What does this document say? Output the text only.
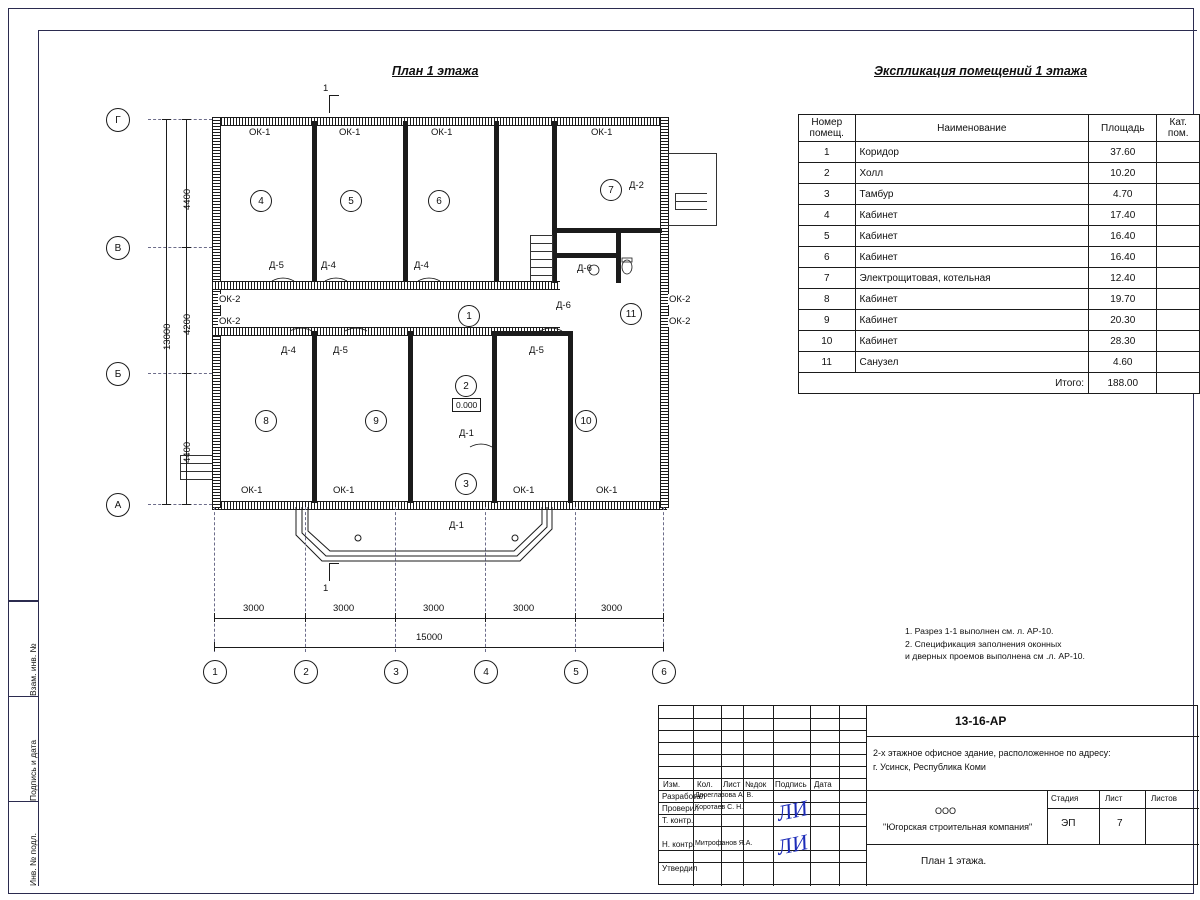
Взам. инв. №
Подпись и дата
Инв. № подл.
План 1 этажа	Экспликация помещений 1 этажа
ОК-1	ОК-1	ОК-1	ОК-1
ОК-2
ОК-2
ОК-2
ОК-2
ОК-1	ОК-1	ОК-1	ОК-1
Д-5	Д-4	Д-4
Д-2
Д-6
Д-6
Д-4	Д-5	Д-5
Д-1
Д-1
4	5	6
7
1	11
2
3
8	9	10
0.000
1
1
3000	3000	3000	3000	3000
15000
1	2	3	4	5	6
13000
4400
4200
4400
Г
В
Б
А
Номер
помещ.	Наименование	Площадь	Кат.
пом.

1	Коридор	37.60	
2	Холл	10.20	
3	Тамбур	4.70	
4	Кабинет	17.40	
5	Кабинет	16.40	
6	Кабинет	16.40	
7	Электрощитовая, котельная	12.40	
8	Кабинет	19.70	
9	Кабинет	20.30	
10	Кабинет	28.30	
11	Санузел	4.60	
Итого:		188.00	
1. Разрез 1-1 выполнен см. л. АР-10.
2. Спецификация заполнения оконных
и дверных проемов выполнена см .л. АР-10.
13-16-АР
2-х этажное офисное здание, расположенное по адресу:
г. Усинск, Республика Коми
ООО
"Югорская строительная компания"
План 1 этажа.
Стадия	Лист	Листов
ЭП	7
Изм. Кол. Лист №док Подпись Дата
Разработал
Двоеглазова А. В.
Проверил
Коротаев С. Н.
Т. контр.
Н. контр. Митрофанов Я.А.
Утвердил
ЛИ
ЛИ
